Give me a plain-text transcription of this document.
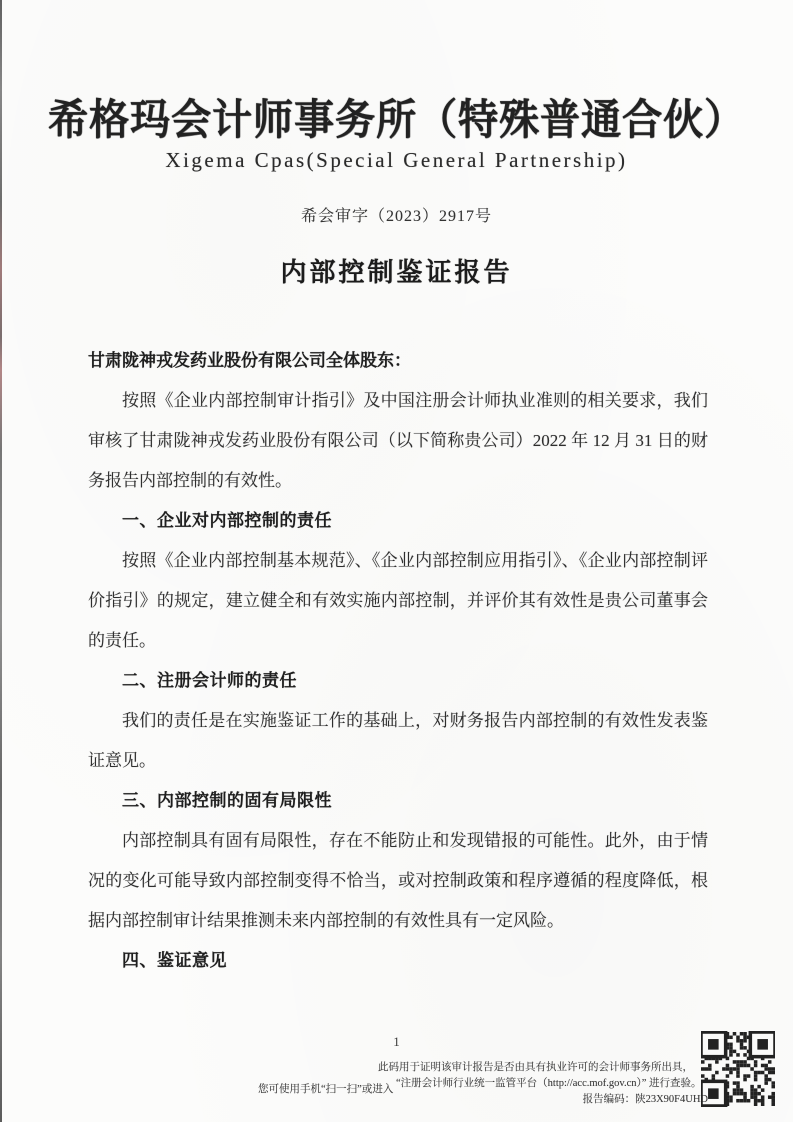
希格玛会计师事务所（特殊普通合伙）
Xigema Cpas(Special General Partnership)
希会审字（2023）2917号
内部控制鉴证报告

甘肃陇神戎发药业股份有限公司全体股东：

按照《企业内部控制审计指引》及中国注册会计师执业准则的相关要求，我们审核了甘肃陇神戎发药业股份有限公司（以下简称贵公司）2022 年 12 月 31 日的财务报告内部控制的有效性。

一、企业对内部控制的责任

按照《企业内部控制基本规范》、《企业内部控制应用指引》、《企业内部控制评价指引》的规定，建立健全和有效实施内部控制，并评价其有效性是贵公司董事会的责任。

二、注册会计师的责任

我们的责任是在实施鉴证工作的基础上，对财务报告内部控制的有效性发表鉴证意见。

三、内部控制的固有局限性

内部控制具有固有局限性，存在不能防止和发现错报的可能性。此外，由于情况的变化可能导致内部控制变得不恰当，或对控制政策和程序遵循的程度降低，根据内部控制审计结果推测未来内部控制的有效性具有一定风险。

四、鉴证意见

1
您可使用手机“扫一扫”或进入
此码用于证明该审计报告是否由具有执业许可的会计师事务所出具，
“注册会计师行业统一监管平台（http://acc.mof.gov.cn）” 进行查验。
报告编码：陕23X90F4UHD
